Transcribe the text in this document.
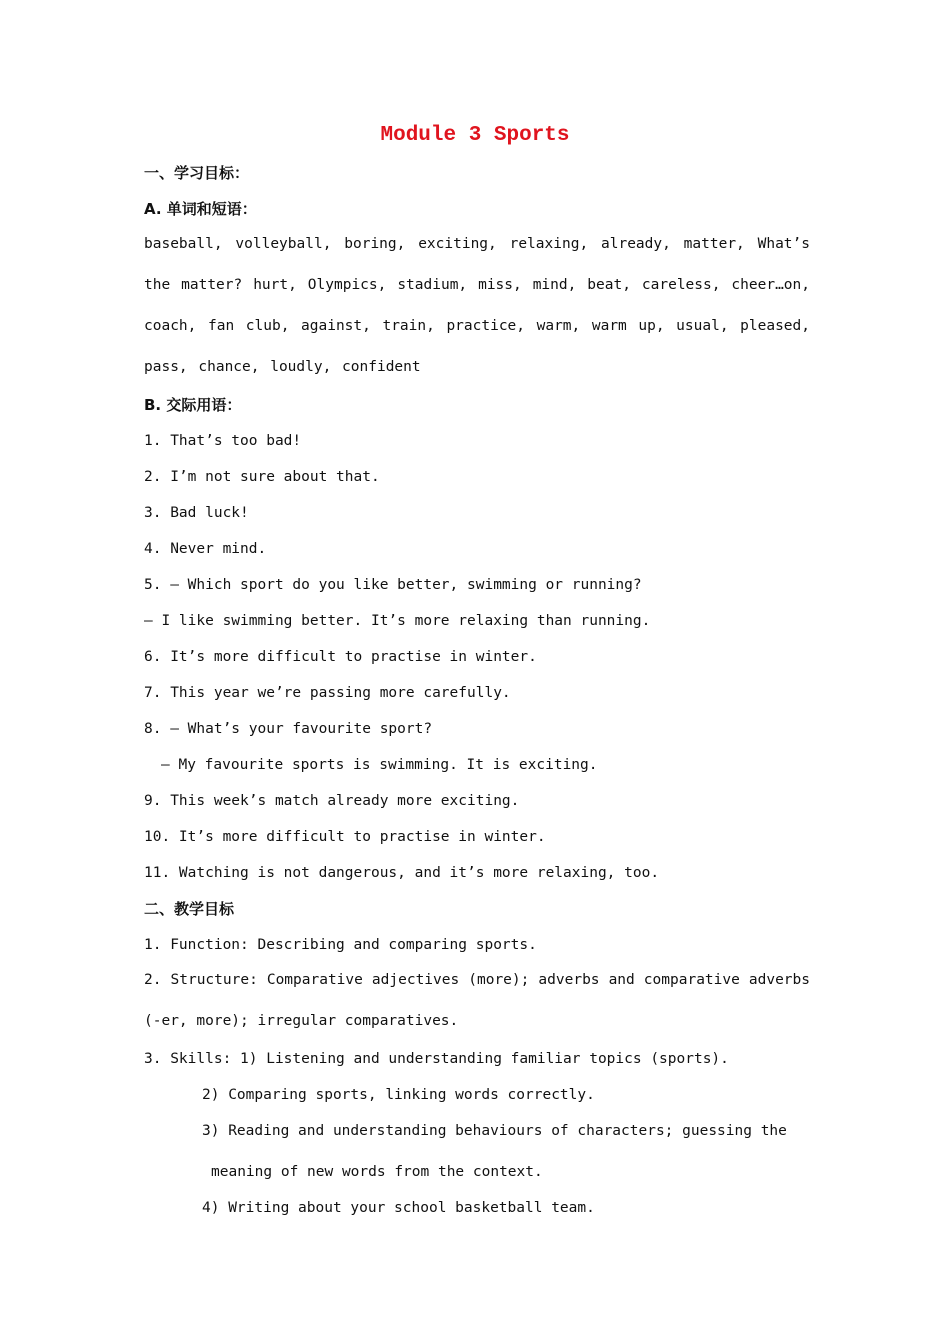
Module 3 Sports
一、学习目标：
A. 单词和短语：
baseball, volleyball, boring, exciting, relaxing, already, matter, What’s the matter? hurt, Olympics, stadium, miss, mind, beat, careless, cheer…on, coach, fan club, against, train, practice, warm, warm up, usual, pleased, pass, chance, loudly, confident
B. 交际用语：
1. That’s too bad!
2. I’m not sure about that.
3. Bad luck!
4. Never mind.
5. — Which sport do you like better, swimming or running?
— I like swimming better. It’s more relaxing than running.
6. It’s more difficult to practise in winter.
7. This year we’re passing more carefully.
8. — What’s your favourite sport?
— My favourite sports is swimming. It is exciting.
9. This week’s match already more exciting.
10. It’s more difficult to practise in winter.
11. Watching is not dangerous, and it’s more relaxing, too.
二、教学目标
1. Function: Describing and comparing sports.
2. Structure: Comparative adjectives (more); adverbs and comparative adverbs (-er, more); irregular comparatives.
3. Skills: 1) Listening and understanding familiar topics (sports).
2) Comparing sports, linking words correctly.
3) Reading and understanding behaviours of characters; guessing the
meaning of new words from the context.
4) Writing about your school basketball team.
